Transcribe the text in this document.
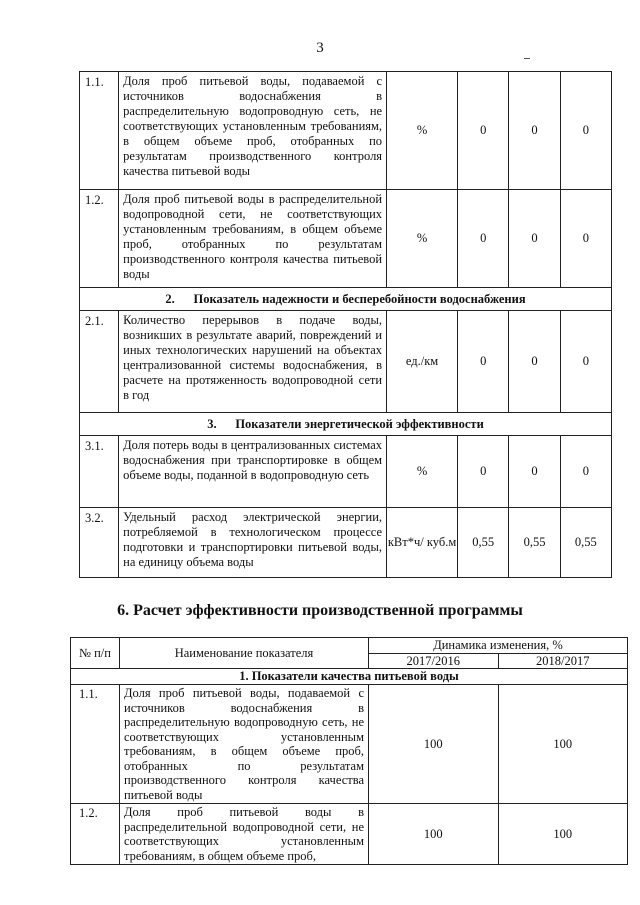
3
1.1.	Доля проб питьевой воды, подаваемой с источников водоснабжения в распределительную водопроводную сеть, не соответствующих установленным требованиям, в общем объеме проб, отобранных по результатам производственного контроля качества питьевой воды	%	0	0	0
1.2.	Доля проб питьевой воды в распределительной водопроводной сети, не соответствующих установленным требованиям, в общем объеме проб, отобранных по результатам производственного контроля качества питьевой воды	%	0	0	0
2.      Показатель надежности и бесперебойности водоснабжения					
2.1.	Количество перерывов в подаче воды, возникших в результате аварий, повреждений и иных технологических нарушений на объектах централизованной системы водоснабжения, в расчете на протяженность водопроводной сети в год	ед./км	0	0	0
3.      Показатели энергетической эффективности					
3.1.	Доля потерь воды в централизованных системах водоснабжения при транспортировке в общем объеме воды, поданной в водопроводную сеть	%	0	0	0
3.2.	Удельный расход электрической энергии, потребляемой в технологическом процессе подготовки и транспортировки питьевой воды, на единицу объема воды	кВт*ч/ куб.м	0,55	0,55	0,55
6. Расчет эффективности производственной программы
№ п/п	Наименование показателя	Динамика изменения, %	
		2017/2016	2018/2017
1. Показатели качества питьевой воды			
1.1.	Доля проб питьевой воды, подаваемой с источников водоснабжения в распределительную водопроводную сеть, не соответствующих установленным требованиям, в общем объеме проб, отобранных по результатам производственного контроля качества питьевой воды	100	100
1.2.	Доля проб питьевой воды в распределительной водопроводной сети, не соответствующих установленным требованиям, в общем объеме проб,	100	100
